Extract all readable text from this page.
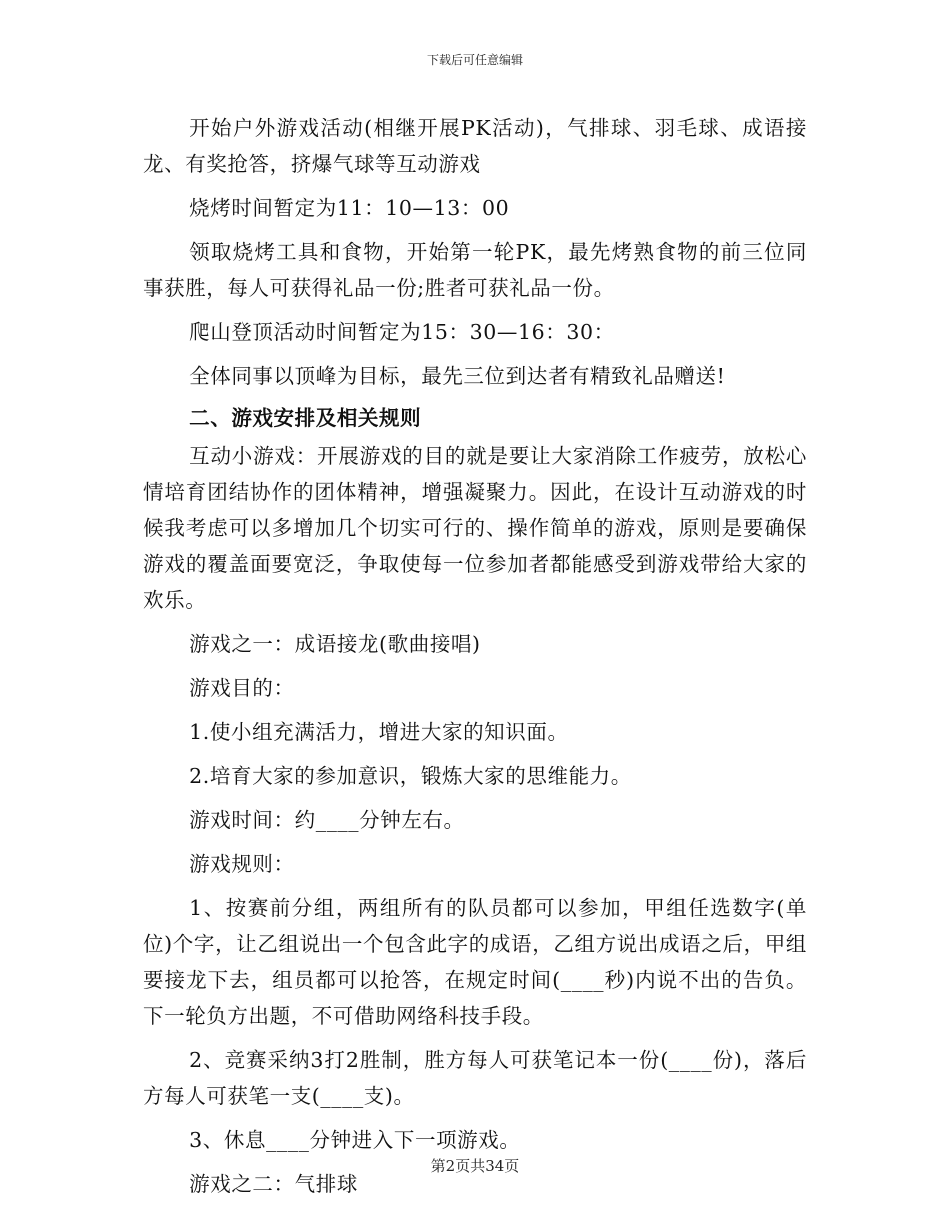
下载后可任意编辑

开始户外游戏活动(相继开展PK活动)，气排球、羽毛球、成语接龙、有奖抢答，挤爆气球等互动游戏

烧烤时间暂定为11：10—13：00

领取烧烤工具和食物，开始第一轮PK，最先烤熟食物的前三位同事获胜，每人可获得礼品一份;胜者可获礼品一份。

爬山登顶活动时间暂定为15：30—16：30：

全体同事以顶峰为目标，最先三位到达者有精致礼品赠送!

二、游戏安排及相关规则

互动小游戏：开展游戏的目的就是要让大家消除工作疲劳，放松心情培育团结协作的团体精神，增强凝聚力。因此，在设计互动游戏的时候我考虑可以多增加几个切实可行的、操作简单的游戏，原则是要确保游戏的覆盖面要宽泛，争取使每一位参加者都能感受到游戏带给大家的欢乐。

游戏之一：成语接龙(歌曲接唱)

游戏目的：

1.使小组充满活力，增进大家的知识面。

2.培育大家的参加意识，锻炼大家的思维能力。

游戏时间：约____分钟左右。

游戏规则：

1、按赛前分组，两组所有的队员都可以参加，甲组任选数字(单位)个字，让乙组说出一个包含此字的成语，乙组方说出成语之后，甲组要接龙下去，组员都可以抢答，在规定时间(____秒)内说不出的告负。下一轮负方出题，不可借助网络科技手段。

2、竞赛采纳3打2胜制，胜方每人可获笔记本一份(____份)，落后方每人可获笔一支(____支)。

3、休息____分钟进入下一项游戏。

游戏之二：气排球

第2页共34页
